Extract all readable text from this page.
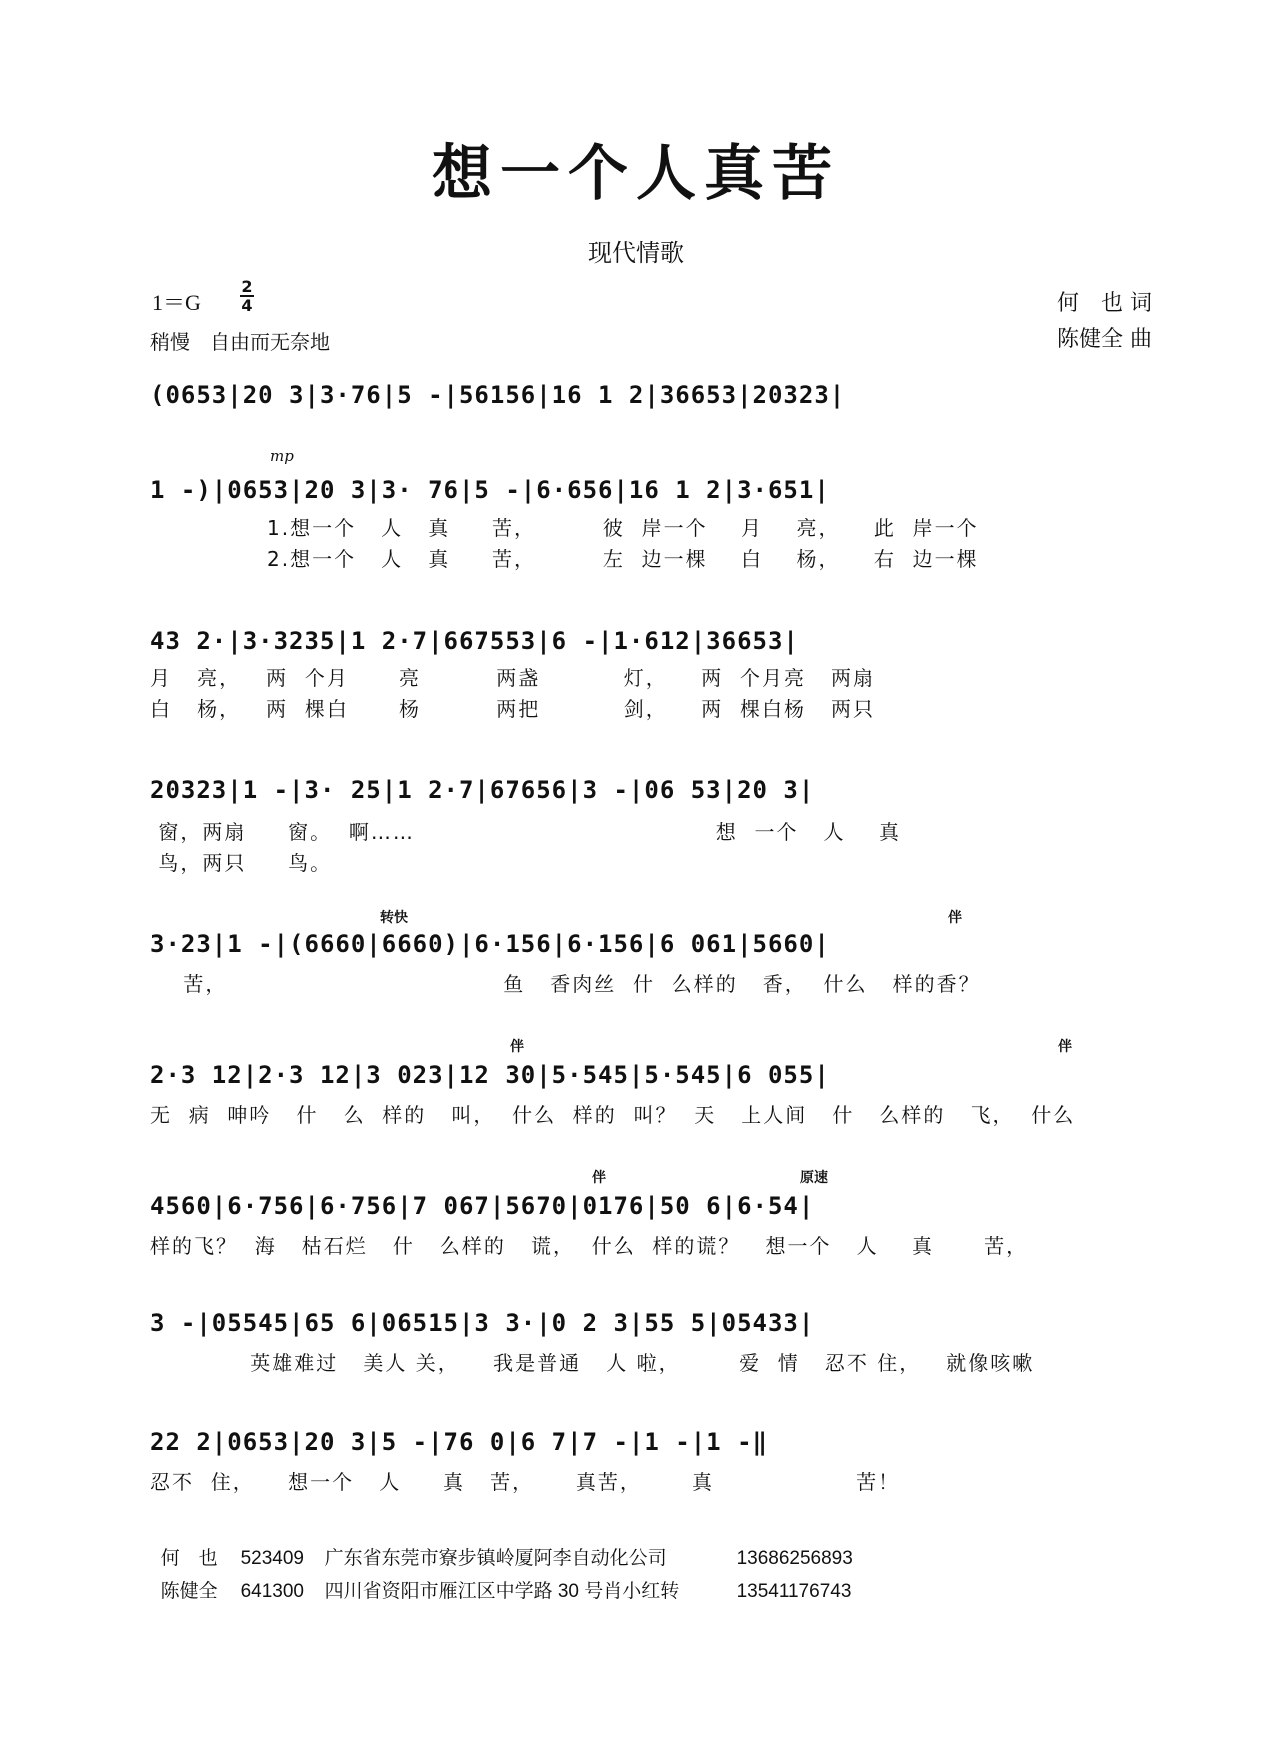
想一个人真苦
现代情歌
1＝G
2
4
稍慢　自由而无奈地
何　也 词
陈健全 曲
(0653|20 3|3·76|5 -|56156|16 1 2|36653|20323|
mp
1 -)|0653|20 3|3· 76|5 -|6·656|16 1 2|3·651|
1.想一个   人   真     苦，        彼  岸一个    月    亮，    此  岸一个
2.想一个   人   真     苦，        左  边一棵    白    杨，    右  边一棵
43 2·|3·3235|1 2·7|667553|6 -|1·612|36653|
月   亮，   两  个月      亮         两盏          灯，    两  个月亮   两扇
白   杨，   两  棵白      杨         两把          剑，    两  棵白杨   两只
20323|1 -|3· 25|1 2·7|67656|3 -|06 53|20 3|
窗，两扇     窗。  啊……                                    想  一个   人    真
鸟，两只     鸟。
转快	伴
3·23|1 -|(6660|6660)|6·156|6·156|6 061|5660|
苦，                                 鱼   香肉丝  什  么样的   香，  什么   样的香？
伴	伴
2·3 12|2·3 12|3 023|12 30|5·545|5·545|6 055|
无  病  呻吟   什   么  样的   叫，  什么  样的  叫？  天   上人间   什   么样的   飞，  什么
伴	原速
4560|6·756|6·756|7 067|5670|0176|50 6|6·54|
样的飞？  海   枯石烂   什   么样的   谎，  什么  样的谎？   想一个   人    真      苦，
3 -|05545|65 6|06515|3 3·|0 2 3|55 5|05433|
英雄难过   美人 关，    我是普通   人 啦，       爱  情   忍不 住，   就像咳嗽
22 2|0653|20 3|5 -|76 0|6 7|7 -|1 -|1 -‖
忍不  住，    想一个   人     真   苦，     真苦，      真                 苦！

何　也 523409 广东省东莞市寮步镇岭厦阿李自动化公司	13686256893

陈健全 641300 四川省资阳市雁江区中学路 30 号肖小红转	13541176743
